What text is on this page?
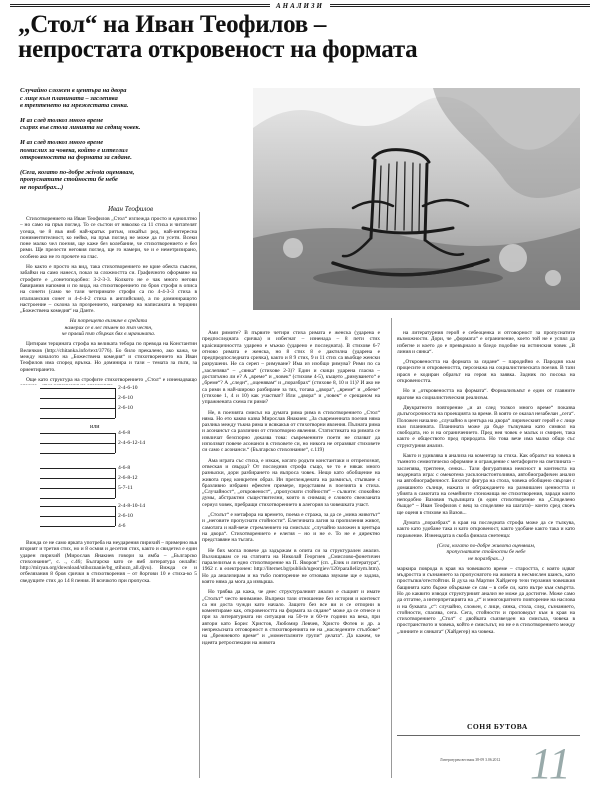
АНАЛИЗИ
„Стол“ на Иван Теофилов –
непростата откровеност на формата

Случайно сложен в центъра на двора
с лице към планината – заслепява
в трептенето на мрежестата сянка.

И аз след толкоз много време
съзрях във стола линията на седящ човек.

И аз след толкоз много време
помислих за човека, който е изтеглил
откровеността на формата за сядане.

(Сега, когато по-добре жivota оценявам,
пропуснатите стойности бе небе
не поразбрах...)

Иван Теофилов

Стихотворението на Иван Теофилов „Стол“ изглежда просто и едноплтно – но само на пръв поглед. То се състои от няколко са 11 стиха и читателят усеща, че 8 във ямб най-кратък ритъм, изкайъл ред, най-интересна пониментителност, ко нейко, на пръв поглед не може да ги усети. Всеки поне малко чел поезия, ще каже без колебание, че стихотворението е без рими. Ще прелести неговия поглед, ще го намери, че и е неметризирано, особено ако не го прочете на глас.

Но както е просто на вид, така стихотворението не крие обекта съвсем, забайки на само нанесл, показ за сложността си. Графичното оформяне на строфите е „сонетоподобно: 3-2-3-3. Колкото не е чак много негови бавирания напомня и по вида, на стихотворението по броя строфи в описа на сонети (само че тази четиримате строфи са по 4-4-3-3 стиха в италианския сонет и 4-4-4-2 стиха в английския), а по доминиращото настроение – склона за прозрението, например на написаната в терцини „Божествена комедия“ на Данте.

На попрещето възниче в средата
намерих се в лес тъмен по път честн,
че правий път сбърках бях в мрачината.

Цитирам терцината строфа на великата тебора по превода на Константин Величков (http://chitanka.info/text/3776). Бо било прекалено, ако кажа, че между началото на „Божествена комедия“ и стихотворението на Иван Теофилов има според връзка. Но доминира и тази – темата за пътя, за ориентирането.

Още като структура на строфите стихотворението „Стол“ е изненадващо

2-4-6-10
2-6-10
2-6-10
4-6-8
2-4-6-12-14
4-6-8
2-6-8-12
5-7-11
2-4-8-10-14
2-6-10
4-6
или

Виждa се не само ярката употреба на неударения пирихий – примерно във вторият и третия стих, но и 8 осмия и десетия стих, както и свидетел е един ударен пирихий (Мирослав Янакиев говори за ямба – „Българско стихознание“, с. ., с.46; Българско като се ямб литература онлайн: http://miryan.org/download/stihoznanie/bg_stihozn_all.djvu). Виждa се и отбелязания 8 броя срички в стихотворения – от 8оргови 10 е стиха-ко 5 сведущите стих до 14 8 пения. И всичкото при пропуска.

Ами римите? В първите четири стиха римата е женска (ударена е предпоследната сричка) и избегнат – изненада – 8 пети стих краісищичността ударено е мъжко (ударено е последната). В стихове 6-7 отново римата е женска, но 8 стих 8 е дактилна (ударена е предпредпоследната сричка), както и 8 9 стих, 9 и 11 стих са въобще женски разрушени. Не са сереп – римуване? Има из изобщо римува? Рими по са „заслепява“ – „сянка“ (стихове 2-3)? Един и скици ударена гласна – достатъчно ли е? А „време“ и „човек“ (стихове 4-5), къщето „римуването“ е „бреме“? А „следн“, „оценявам“ и „поразбрах“ (стихове 8, 10 и 11)? И ако не са рими в най-широко разбиране за тях, тогава „двора“, „време“ и „обече“ (стихове 1, 4 и 10) как участват? Или „двора“ и „човек“ е срещаном на упражнената схема ги рими?

Не, в поезията смисъл на думата рима рима в стихотворението „Стол“ няма. Но ето какво казва Мирослав Янакиев: „За съвременната поезия няма разлика между тъкна рима и всякакъв от стихотворни явления. Пълната рима и асонансът са различни от стихотворно явления. Статистиката на римата се извличат безспорно доказва това: съвременните поети не спазват да използват повече асонанси в стиховете си, но никога не отразяват стиховете си само с асонанси.“ (Българско стихознание“, с.119)

Ама играта със стиха, е изкаж, когато родъти константаки и отпрепознат, отвеская и свърда? От последния строфа също, че то е някак много разныски, дори разбирането на въпроса човек. Нещо като обобщение на живота пред конкретен образ. Ин преглеждената на размисъл, стъпване с бразливно избрани ефектен примере, представим в поезията в стиха. „Случайност“, „откровеност“, „пропуснати стойности“ – сълките: спокойно думы, абстрактни съществителни, които в снимащ е словото свежзаната сериул човек, пребращи стихотворението в алегория за човешката участ.

„Столът“ е метафора на времето, поема е стража, за да се „мина животът“ и „неговите пропуснати стойности“. Елегичната лагия за пропиления живот, самотата и най-вече стремлението на смисъла: „случайно заложен в центъра на двора“. Стихотворението е елегия – но и не е. То не е директно представяне на тъгата.

Не бих могла повече да задържам в опитa си за структурален анализ. Възхищавам се на статията на Николай Георгиев „Смислово-фонетичен паралелизъм в едно стихотворение на П. Яворов“ (сп. „Език и литература“, 1962 г. в електронен: http://liternet.bg/publish/ngeorgiev/120/parallelizym.htm). Но да анализирам и на тъбо повторение не отзовава звукове ще е задача, която няма да мога да извърша.

Но трябва да кажа, че днес структуралният анализ е същият и имате „Столът“ често внимание. Въпреки тази отношение без история и контекст са ни доста чужди като начало. Защото без все ви и се отпорни в коментираме как, откровеността на формата за сядане“ може да се отнесе и при за литературната ни ситуация на 50-те и 60-те години на века, при автори като Борис Христов, Любомир Левчев, Христо Фотев и др. а непрекъсната отговорност в стихотворенията не на „наследените стълбове“ на „брежневото време“ и „моменталните групи“ делата“. Да кажем, че идеята ретроспекции на живота

на литературния герой е себеоценка и отговорност за пропуснатите възможности. Дори, че „формата“ е ограничение, което той не е успял да избегне и което до е превърнало в бледо подобие на истинския човек „В линия и сянка“.

„Откровеността на формата за сядане“ – пародийно е. Пародия към процесите и откровеността, персонажа на социалистическата поезия. В тази ирася е кодиран образът на героя на заявка. Задник по посока на откровеността.

Но и „откровеността на формата“. Формализъмът е един от главните врагове на социалистическия реализъм.

Двукратното повторение „и аз след толкоз много време“ показва дълъгосрочноста на проекцията за време. В която се оказал незабелан „сега“. Положен начално „случайно в центъра на двора“ лирическият герой е с лице към планината. Планината може да бъде тълкувана като символ на свободата, но и на ограничението. Пред нея човек е малък и смирен, така както е обществото пред природата. Но това вече има малко общо със структурния анализ.

Както и удивлява в анализа на коментар за стиха. Как образът на човека в тъмното семиотическо оформяне и ограждение с метафорите на светлината – заслепява, трептене, сенки... Тази фигуративна неясност в контекста на модерната игра: с омекотена уасклонастонтоливна, автобиографичен анализ на автобиографичност. Бихотът фигура на стола, човека обобщено свързан с домашното сълнце, нажата и обграждането на размишлен ценността и убията в самотата на семейните стоножища не стихотворения, заради които неподобно Вазовия тъдълицата (в един стихотворение на „Споделено бъшде“ – Иван Теофилов с вещ за споделяне на шагата)– конто сред своеъ ще оценя в стихове на Вазов...

Думата „поразбрах“ в края на последната строфа може да се тълкува, както като удобане така и като откровеност, както удобане както така и като поражение. Изненадата в скоба финала снетенца:

(Сега, когато по-добре живота оценявам,
пропуснатите стойности бе небе
не поразбрах...)

маркира поврода в края на човешкото време – старостта, с която идват мъдростта и съзнанието за пропуснатото на живота в несмислен шансъ, като простъпки/отестойтии. В духа на Мартин Хайдегер тези терзания човешкия бащинята като бърже объркаме се сам – в себе си, като вътре към смъртта. Но до каквито изводи структурният анализ не може да достигне. Може само да отгатне, а интерпретацията на „с“ и многократното повторение на наслова и на буквата „с“: случайно, сложен, с лице, сянка, стола, след, съзнанието, стойности, спасява, сега. Сега, стойности и проповедът към в края на стихотворението „Стол“ с двойката съизвезден на смисъла, човека в пространството и човека, който е смисълът, но не е в стихотворението между „линиите и сянката“ (Хайдегер) на човека.

СОНЯ БУТОВА
Литературен вестник 38-09 3.06.2012 11
